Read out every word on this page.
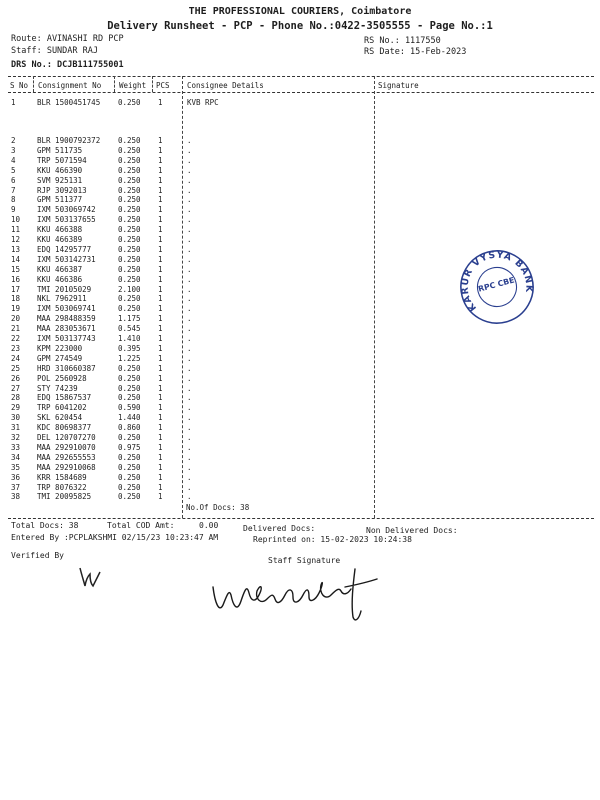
THE PROFESSIONAL COURIERS, Coimbatore
Delivery Runsheet - PCP - Phone No.:0422-3505555 - Page No.:1
Route: AVINASHI RD PCP
Staff: SUNDAR RAJ
DRS No.: DCJB111755001
RS No.: 1117550
RS Date: 15-Feb-2023
S No Consignment No Weight PCS Consignee Details	Signature
1	BLR 1500451745 0.250 1	KVB RPC
2	BLR 1900792372 0.250 1	.
3	GPM 511735	0.250 1	.
4	TRP 5071594	0.250 1	.
5	KKU 466390	0.250 1	.
6	SVM 925131	0.250 1	.
7	RJP 3092013	0.250 1	.
8	GPM 511377	0.250 1	.
9	IXM 503069742	0.250 1	.
10 IXM 503137655	0.250 1	.
11 KKU 466388	0.250 1	.
12 KKU 466389	0.250 1	.
13 EDQ 14295777	0.250 1	.
14 IXM 503142731	0.250 1	.
15 KKU 466387	0.250 1	.
16 KKU 466386	0.250 1	.
17 TMI 20105029	2.100 1	.
18 NKL 7962911	0.250 1	.
19 IXM 503069741	0.250 1	.
20 MAA 298488359	1.175 1	.
21 MAA 283053671	0.545 1	.
22 IXM 503137743	1.410 1	.
23 KPM 223000	0.395 1	.
24 GPM 274549	1.225 1	.
25 HRD 310660387	0.250 1	.
26 POL 2560928	0.250 1	.
27 STY 74239	0.250 1	.
28 EDQ 15867537	0.250 1	.
29 TRP 6041202	0.590 1	.
30 SKL 620454	1.440 1	.
31 KDC 80698377	0.860 1	.
32 DEL 120707270	0.250 1	.
33 MAA 292910070	0.975 1	.
34 MAA 292655553	0.250 1	.
35 MAA 292910068	0.250 1	.
36 KRR 1584689	0.250 1	.
37 TRP 8076322	0.250 1	.
38 TMI 20095825	0.250 1	.
No.Of Docs: 38
Total Docs: 38	Total COD Amt:	0.00	Delivered Docs:	Non Delivered Docs:
Entered By :PCPLAKSHMI 02/15/23 10:23:47 AM	Reprinted on: 15-02-2023 10:24:38
Verified By
Staff Signature
KARUR VYSYA BANK
RPC CBE
